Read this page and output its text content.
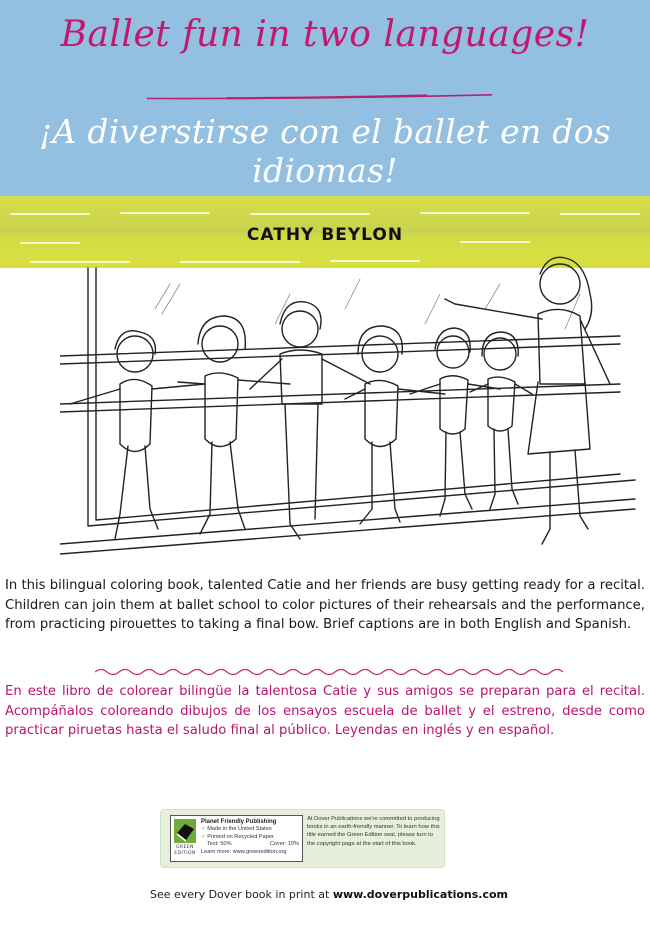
Ballet fun in two languages!
¡A diverstirse con el ballet en dos idiomas!
CATHY BEYLON
In this bilingual coloring book, talented Catie and her friends are busy getting ready for a recital. Children can join them at ballet school to color pictures of their rehearsals and the performance, from practicing pirouettes to taking a final bow. Brief captions are in both English and Spanish.
En este libro de colorear bilingüe la talentosa Catie y sus amigos se preparan para el recital. Acompáñalos coloreando dibujos de los ensayos escuela de ballet y el estreno, desde como practicar piruetas hasta el saludo final al público. Leyendas en inglés y en español.
GREEN
EDITION
Planet Friendly Publishing
✓ Made in the United States
✓ Printed on Recycled Paper
Text: 50%	Cover: 10%
Learn more: www.greenedition.org
At Dover Publications we're committed to producing books in an earth-friendly manner. To learn how this title earned the Green Edition seal, please turn to the copyright page at the start of this book.
See every Dover book in print at www.doverpublications.com
